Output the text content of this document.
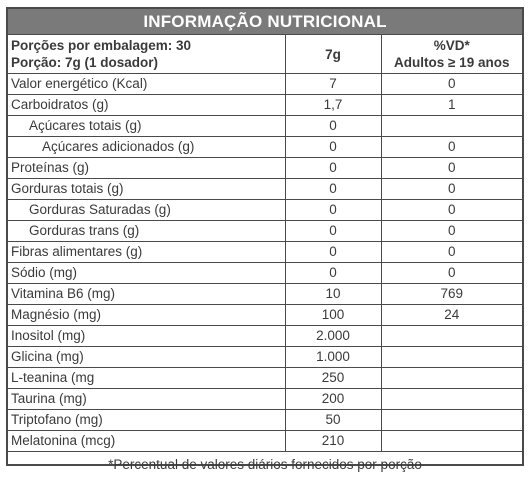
INFORMAÇÃO NUTRICIONAL
Porções por embalagem: 30
Porção: 7g (1 dosador)	7g	%VD*
Adultos ≥ 19 anos

Valor energético (Kcal)	7	0
Carboidratos (g)	1,7	1
Açúcares totais (g)	0	
Açúcares adicionados (g)	0	0
Proteínas (g)	0	0
Gorduras totais (g)	0	0
Gorduras Saturadas (g)	0	0
Gorduras trans (g)	0	0
Fibras alimentares (g)	0	0
Sódio (mg)	0	0
Vitamina B6 (mg)	10	769
Magnésio (mg)	100	24
Inositol (mg)	2.000	
Glicina (mg)	1.000	
L-teanina (mg	250	
Taurina (mg)	200	
Triptofano (mg)	50	
Melatonina (mcg)	210	
*Percentual de valores diários fornecidos por porção
